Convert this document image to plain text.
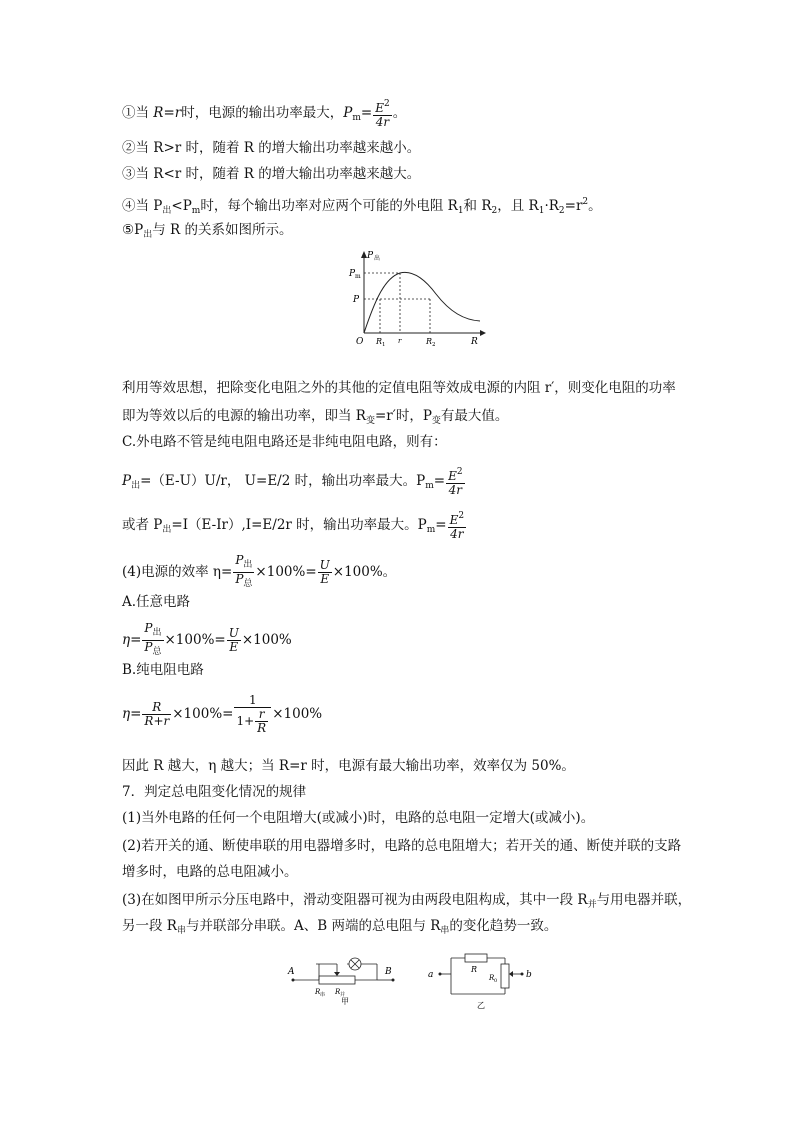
①当 R=r时，电源的输出功率最大，$P_m= \frac{E^2}{4r}$ 。
②当 R>r 时，随着 R 的增大输出功率越来越小。
③当 R<r 时，随着 R 的增大输出功率越来越大。
④当 $P_出<P_m$时，每个输出功率对应两个可能的外电阻 $R_1$和 $R_2$，且 $R_1\cdot R_2=r^2$。
$⑤P_出$与 R 的关系如图所示。
P 出
P m
P
O R 1 r	R 2	R
利用等效思想，把除变化电阻之外的其他的定值电阻等效成电源的内阻 r′，则变化电阻的功率
即为等效以后的电源的输出功率，即当 $R_变=r'$时，$P_变$有最大值。
C.外电路不管是纯电阻电路还是非纯电阻电路，则有：
$P_出=(E-U)U/r$， U=E/2 时，输出功率最大。$P_m= \frac{E^2}{4r}$
或者 $P_出=I(E-Ir),I=E/2r$ 时，输出功率最大。$P_m= \frac{E^2}{4r}$
(4)电源的效率 $\eta= \frac{P_出}{P_总} \times 100\%= \frac{U}{E} \times 100\%$。
A.任意电路
$\eta= \frac{P_出}{P_总} \times 100\%= \frac{U}{E} \times 100\%$
B.纯电阻电路
$\eta= \frac{R}{R+r} \times 100\%= \frac{1}{1+ \frac{r}{R}} \times 100\%$
因此 R 越大，η 越大；当 R=r 时，电源有最大输出功率，效率仅为 50%。
7．判定总电阻变化情况的规律
(1)当外电路的任何一个电阻增大(或减小)时，电路的总电阻一定增大(或减小)。
(2)若开关的通、断使串联的用电器增多时，电路的总电阻增大；若开关的通、断使并联的支路
增多时，电路的总电阻减小。
(3)在如图甲所示分压电路中，滑动变阻器可视为由两段电阻构成，其中一段 $R_并$与用电器并联，
另一段 $R_串$与并联部分串联。A、B 两端的总电阻与 $R_串$的变化趋势一致。
A	B
R 串 R 并
甲
a
R
R 0
b
乙
